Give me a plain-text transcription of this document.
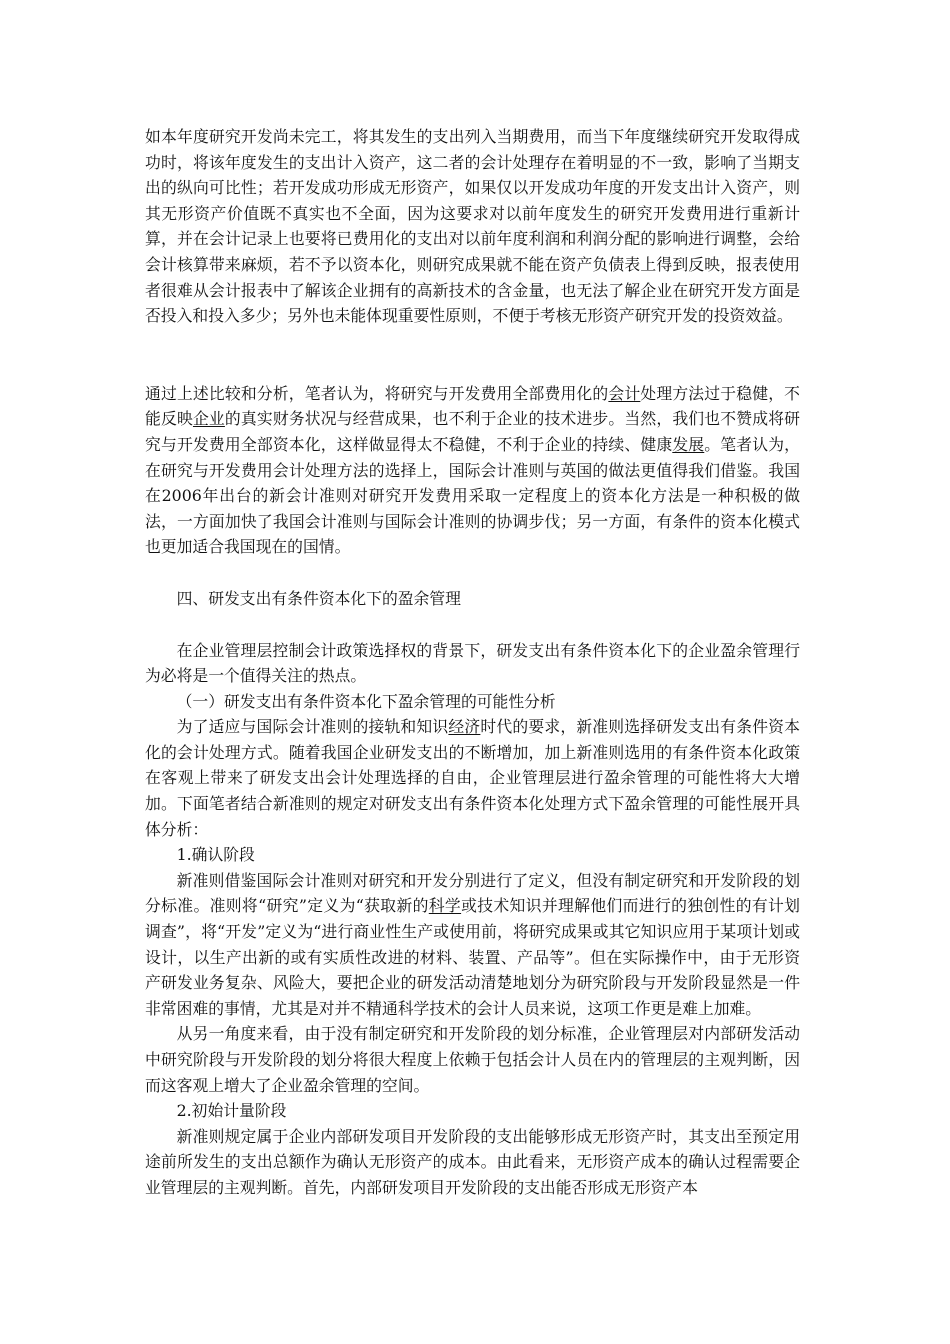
如本年度研究开发尚未完工，将其发生的支出列入当期费用，而当下年度继续研究开发取得成功时，将该年度发生的支出计入资产，这二者的会计处理存在着明显的不一致，影响了当期支出的纵向可比性；若开发成功形成无形资产，如果仅以开发成功年度的开发支出计入资产，则其无形资产价值既不真实也不全面，因为这要求对以前年度发生的研究开发费用进行重新计算，并在会计记录上也要将已费用化的支出对以前年度利润和利润分配的影响进行调整，会给会计核算带来麻烦，若不予以资本化，则研究成果就不能在资产负债表上得到反映，报表使用者很难从会计报表中了解该企业拥有的高新技术的含金量，也无法了解企业在研究开发方面是否投入和投入多少；另外也未能体现重要性原则，不便于考核无形资产研究开发的投资效益。

通过上述比较和分析，笔者认为，将研究与开发费用全部费用化的会计处理方法过于稳健，不能反映企业的真实财务状况与经营成果，也不利于企业的技术进步。当然，我们也不赞成将研究与开发费用全部资本化，这样做显得太不稳健，不利于企业的持续、健康发展。笔者认为，在研究与开发费用会计处理方法的选择上，国际会计准则与英国的做法更值得我们借鉴。我国在2006年出台的新会计准则对研究开发费用采取一定程度上的资本化方法是一种积极的做法，一方面加快了我国会计准则与国际会计准则的协调步伐；另一方面，有条件的资本化模式也更加适合我国现在的国情。

四、研发支出有条件资本化下的盈余管理

在企业管理层控制会计政策选择权的背景下，研发支出有条件资本化下的企业盈余管理行为必将是一个值得关注的热点。

（一）研发支出有条件资本化下盈余管理的可能性分析

为了适应与国际会计准则的接轨和知识经济时代的要求，新准则选择研发支出有条件资本化的会计处理方式。随着我国企业研发支出的不断增加，加上新准则选用的有条件资本化政策在客观上带来了研发支出会计处理选择的自由，企业管理层进行盈余管理的可能性将大大增加。下面笔者结合新准则的规定对研发支出有条件资本化处理方式下盈余管理的可能性展开具体分析：

1.确认阶段

新准则借鉴国际会计准则对研究和开发分别进行了定义，但没有制定研究和开发阶段的划分标准。准则将“研究”定义为“获取新的科学或技术知识并理解他们而进行的独创性的有计划调查”，将“开发”定义为“进行商业性生产或使用前，将研究成果或其它知识应用于某项计划或设计，以生产出新的或有实质性改进的材料、装置、产品等”。但在实际操作中，由于无形资产研发业务复杂、风险大，要把企业的研发活动清楚地划分为研究阶段与开发阶段显然是一件非常困难的事情，尤其是对并不精通科学技术的会计人员来说，这项工作更是难上加难。

从另一角度来看，由于没有制定研究和开发阶段的划分标准，企业管理层对内部研发活动中研究阶段与开发阶段的划分将很大程度上依赖于包括会计人员在内的管理层的主观判断，因而这客观上增大了企业盈余管理的空间。

2.初始计量阶段

新准则规定属于企业内部研发项目开发阶段的支出能够形成无形资产时，其支出至预定用途前所发生的支出总额作为确认无形资产的成本。由此看来，无形资产成本的确认过程需要企业管理层的主观判断。首先，内部研发项目开发阶段的支出能否形成无形资产本
